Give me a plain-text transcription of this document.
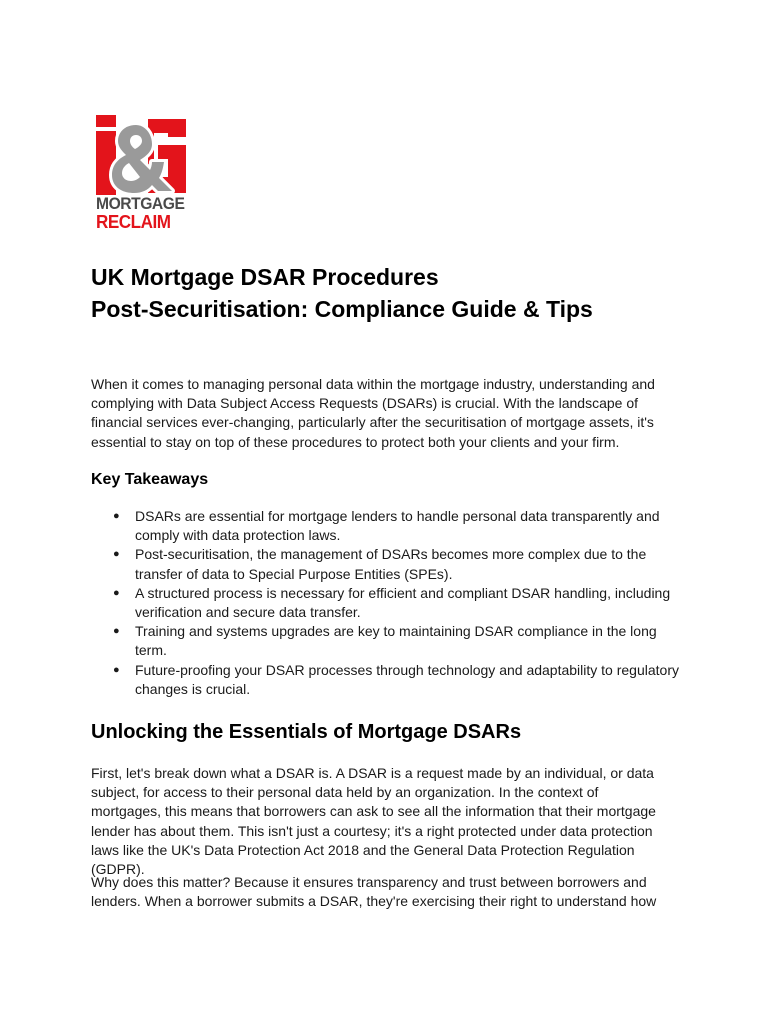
MORTGAGE
RECLAIM
UK Mortgage DSAR Procedures
Post-Securitisation: Compliance Guide & Tips

When it comes to managing personal data within the mortgage industry, understanding and complying with Data Subject Access Requests (DSARs) is crucial. With the landscape of financial services ever-changing, particularly after the securitisation of mortgage assets, it's essential to stay on top of these procedures to protect both your clients and your firm.

Key Takeaways
● DSARs are essential for mortgage lenders to handle personal data transparently and comply with data protection laws.
● Post-securitisation, the management of DSARs becomes more complex due to the transfer of data to Special Purpose Entities (SPEs).
● A structured process is necessary for efficient and compliant DSAR handling, including verification and secure data transfer.
● Training and systems upgrades are key to maintaining DSAR compliance in the long term.
● Future-proofing your DSAR processes through technology and adaptability to regulatory changes is crucial.
Unlocking the Essentials of Mortgage DSARs

First, let's break down what a DSAR is. A DSAR is a request made by an individual, or data subject, for access to their personal data held by an organization. In the context of mortgages, this means that borrowers can ask to see all the information that their mortgage lender has about them. This isn't just a courtesy; it's a right protected under data protection laws like the UK's Data Protection Act 2018 and the General Data Protection Regulation (GDPR).

Why does this matter? Because it ensures transparency and trust between borrowers and lenders. When a borrower submits a DSAR, they're exercising their right to understand how
